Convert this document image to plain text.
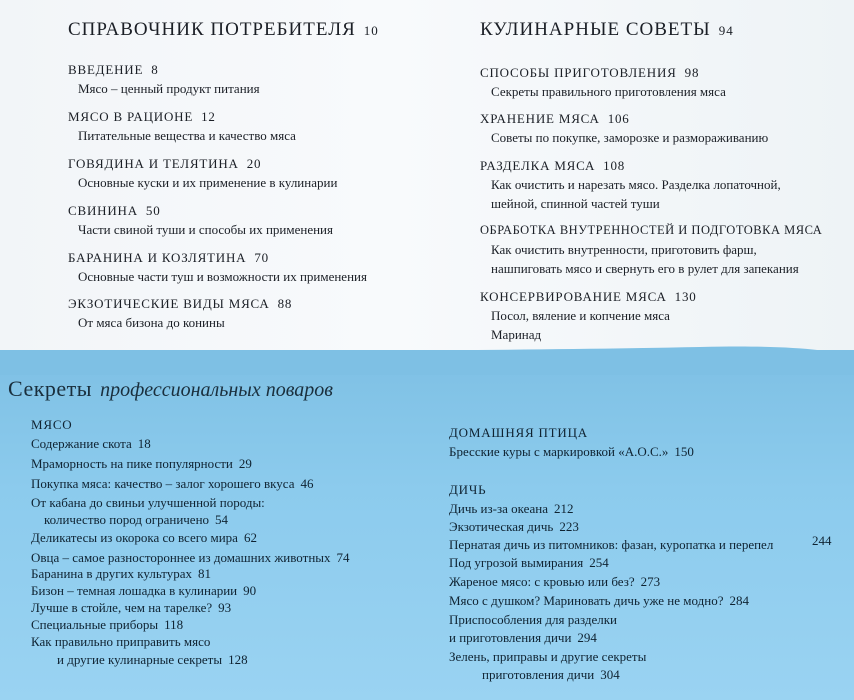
СПРАВОЧНИК ПОТРЕБИТЕЛЯ 10
ВВЕДЕНИЕ 8
Мясо – ценный продукт питания
МЯСО В РАЦИОНЕ 12
Питательные вещества и качество мяса
ГОВЯДИНА И ТЕЛЯТИНА 20
Основные куски и их применение в кулинарии
СВИНИНА 50
Части свиной туши и способы их применения
БАРАНИНА И КОЗЛЯТИНА 70
Основные части туш и возможности их применения
ЭКЗОТИЧЕСКИЕ ВИДЫ МЯСА 88
От мяса бизона до конины
КУЛИНАРНЫЕ СОВЕТЫ 94
СПОСОБЫ ПРИГОТОВЛЕНИЯ 98
Секреты правильного приготовления мяса
ХРАНЕНИЕ МЯСА 106
Советы по покупке, заморозке и размораживанию
РАЗДЕЛКА МЯСА 108
Как очистить и нарезать мясо. Разделка лопаточной,
шейной, спинной частей туши
ОБРАБОТКА ВНУТРЕННОСТЕЙ И ПОДГОТОВКА МЯСА
Как очистить внутренности, приготовить фарш,
нашпиговать мясо и свернуть его в рулет для запекания
КОНСЕРВИРОВАНИЕ МЯСА 130
Посол, вяление и копчение мяса
Маринад
Секреты профессиональных поваров
МЯСО
Содержание скота 18
Мраморность на пике популярности 29
Покупка мяса: качество – залог хорошего вкуса 46
От кабана до свиньи улучшенной породы:
количество пород ограничено 54
Деликатесы из окорока со всего мира 62
Овца – самое разностороннее из домашних животных 74
Баранина в других культурах 81
Бизон – темная лошадка в кулинарии 90
Лучше в стойле, чем на тарелке? 93
Специальные приборы 118
Как правильно приправить мясо
и другие кулинарные секреты 128
ДОМАШНЯЯ ПТИЦА
Бресские куры с маркировкой «А.О.С.» 150
ДИЧЬ
Дичь из-за океана 212
Экзотическая дичь 223
Пернатая дичь из питомников: фазан, куропатка и перепел	244
Под угрозой вымирания 254
Жареное мясо: с кровью или без? 273
Мясо с душком? Мариновать дичь уже не модно? 284
Приспособления для разделки
и приготовления дичи 294
Зелень, приправы и другие секреты
приготовления дичи 304
